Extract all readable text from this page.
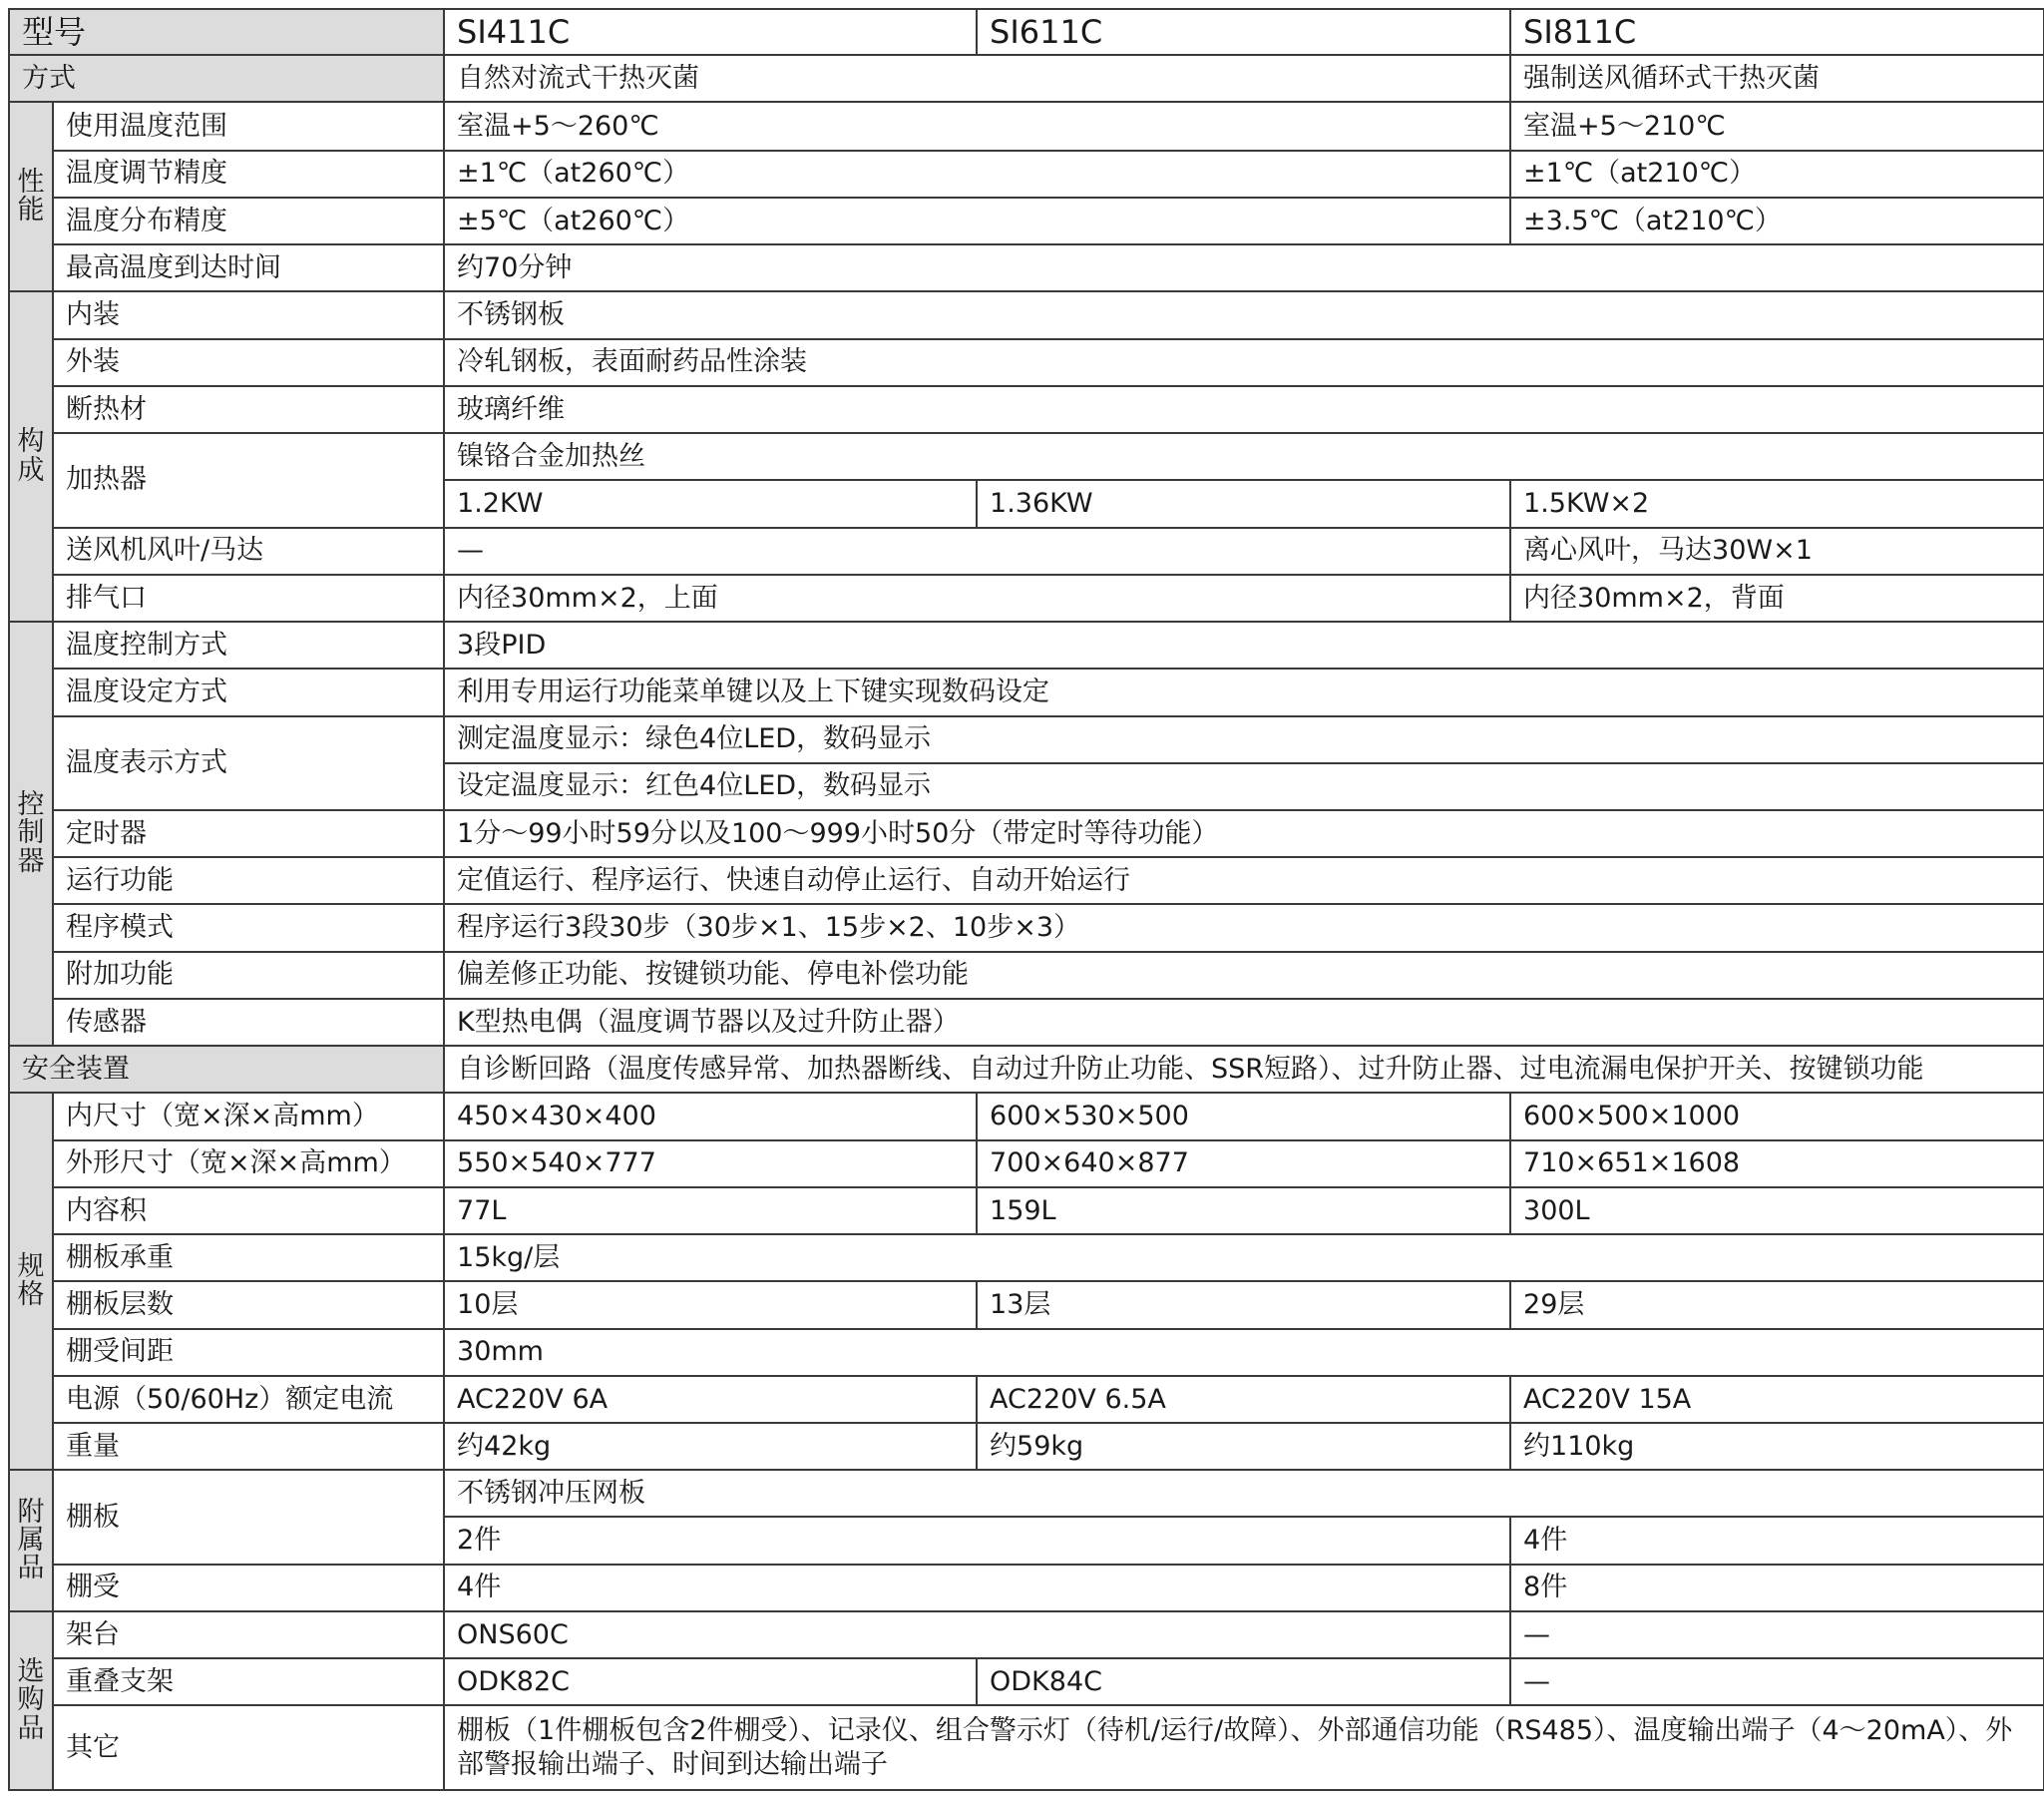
型号		SI411C	SI611C	SI811C
方式		自然对流式干热灭菌		强制送风循环式干热灭菌
性能	使用温度范围	室温+5～260℃		室温+5～210℃
	温度调节精度	±1℃（at260℃）		±1℃（at210℃）
	温度分布精度	±5℃（at260℃）		±3.5℃（at210℃）
	最高温度到达时间	约70分钟		
构成	内装	不锈钢板		
	外装	冷轧钢板，表面耐药品性涂装		
	断热材	玻璃纤维		
	加热器	镍铬合金加热丝		
		1.2KW	1.36KW	1.5KW×2
	送风机风叶/马达	—		离心风叶，马达30W×1
	排气口	内径30mm×2，上面		内径30mm×2，背面
控制器	温度控制方式	3段PID		
	温度设定方式	利用专用运行功能菜单键以及上下键实现数码设定		
	温度表示方式	测定温度显示：绿色4位LED，数码显示		
		设定温度显示：红色4位LED，数码显示		
	定时器	1分～99小时59分以及100～999小时50分（带定时等待功能）		
	运行功能	定值运行、程序运行、快速自动停止运行、自动开始运行		
	程序模式	程序运行3段30步（30步×1、15步×2、10步×3）		
	附加功能	偏差修正功能、按键锁功能、停电补偿功能		
	传感器	K型热电偶（温度调节器以及过升防止器）		
安全装置		自诊断回路（温度传感异常、加热器断线、自动过升防止功能、SSR短路）、过升防止器、过电流漏电保护开关、按键锁功能		
规格	内尺寸（宽×深×高mm）	450×430×400	600×530×500	600×500×1000
	外形尺寸（宽×深×高mm）	550×540×777	700×640×877	710×651×1608
	内容积	77L	159L	300L
	棚板承重	15kg/层		
	棚板层数	10层	13层	29层
	棚受间距	30mm		
	电源（50/60Hz）额定电流	AC220V 6A	AC220V 6.5A	AC220V 15A
	重量	约42kg	约59kg	约110kg
附属品	棚板	不锈钢冲压网板		
		2件		4件
	棚受	4件		8件
选购品	架台	ONS60C		—
	重叠支架	ODK82C	ODK84C	—
	其它	棚板（1件棚板包含2件棚受）、记录仪、组合警示灯（待机/运行/故障）、外部通信功能（RS485）、温度输出端子（4～20mA）、外部警报输出端子、时间到达输出端子		
